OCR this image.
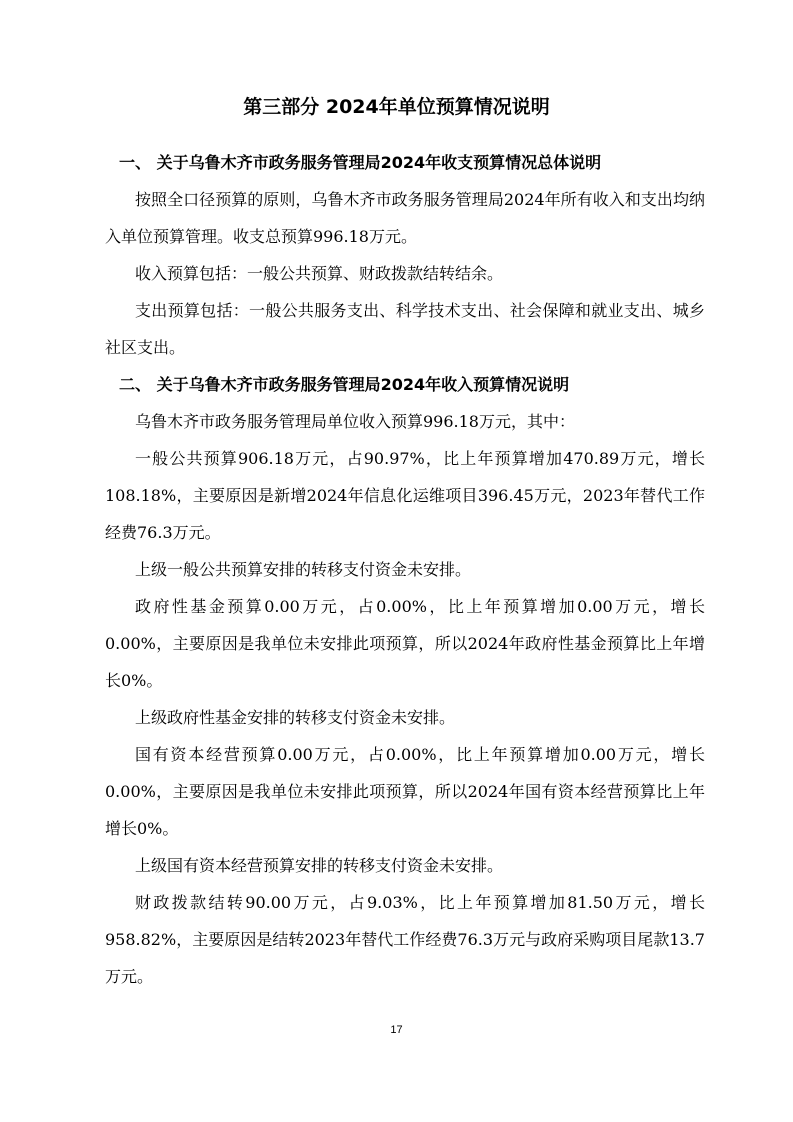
第三部分 2024年单位预算情况说明

一、 关于乌鲁木齐市政务服务管理局2024年收支预算情况总体说明

按照全口径预算的原则，乌鲁木齐市政务服务管理局2024年所有收入和支出均纳入单位预算管理。收支总预算996.18万元。

收入预算包括：一般公共预算、财政拨款结转结余。

支出预算包括：一般公共服务支出、科学技术支出、社会保障和就业支出、城乡社区支出。

二、 关于乌鲁木齐市政务服务管理局2024年收入预算情况说明

乌鲁木齐市政务服务管理局单位收入预算996.18万元，其中：

一般公共预算906.18万元，占90.97%，比上年预算增加470.89万元，增长108.18%，主要原因是新增2024年信息化运维项目396.45万元，2023年替代工作经费76.3万元。

上级一般公共预算安排的转移支付资金未安排。

政府性基金预算0.00万元，占0.00%，比上年预算增加0.00万元，增长0.00%，主要原因是我单位未安排此项预算，所以2024年政府性基金预算比上年增长0%。

上级政府性基金安排的转移支付资金未安排。

国有资本经营预算0.00万元，占0.00%，比上年预算增加0.00万元，增长0.00%，主要原因是我单位未安排此项预算，所以2024年国有资本经营预算比上年增长0%。

上级国有资本经营预算安排的转移支付资金未安排。

财政拨款结转90.00万元，占9.03%，比上年预算增加81.50万元，增长958.82%，主要原因是结转2023年替代工作经费76.3万元与政府采购项目尾款13.7万元。

17
